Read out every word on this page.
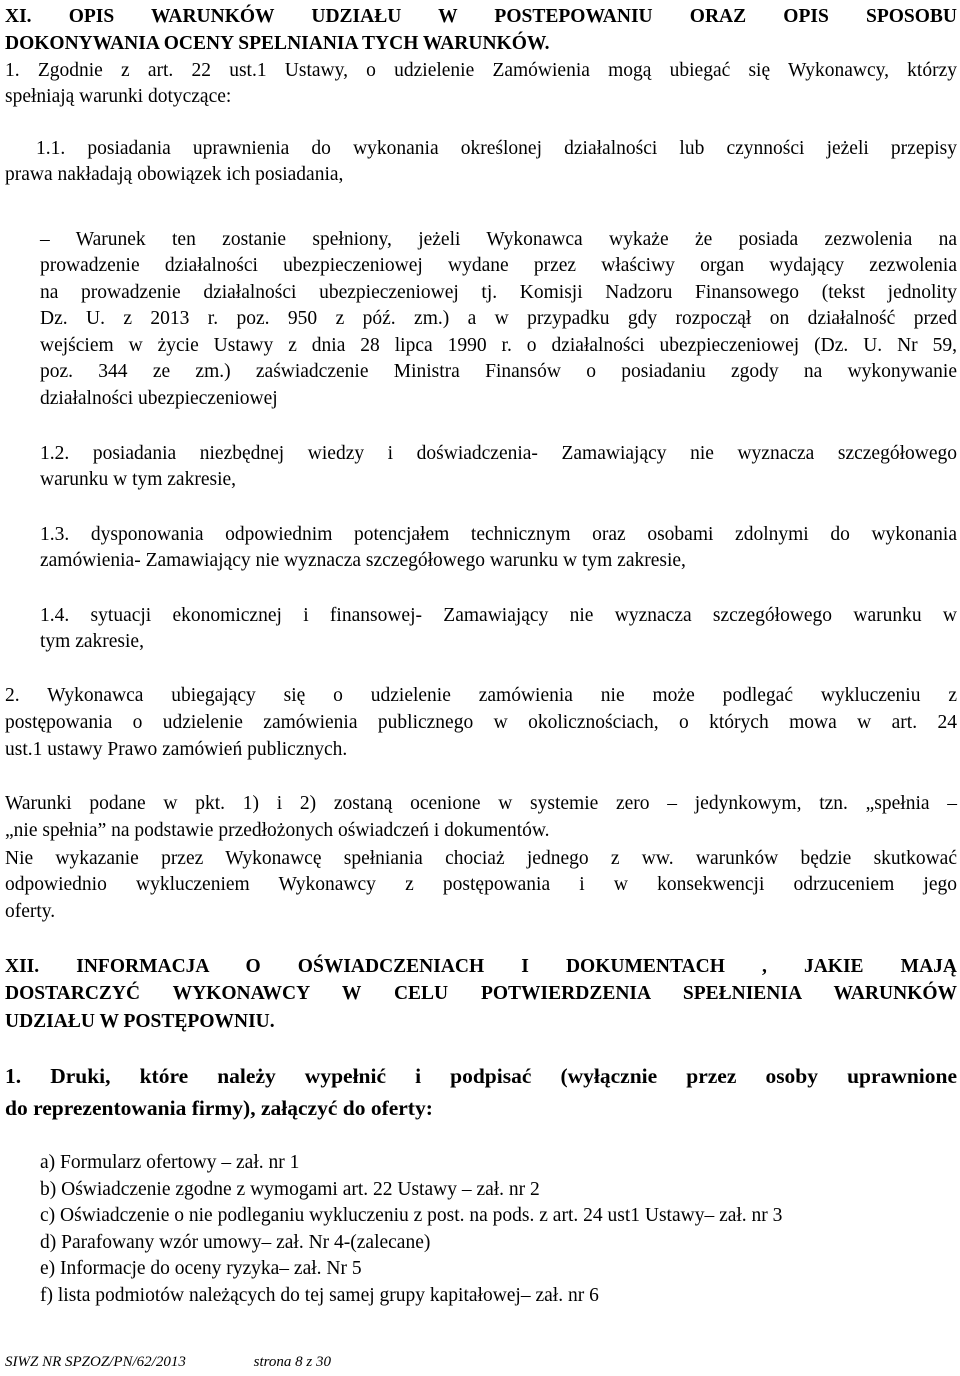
XI. OPIS WARUNKÓW UDZIAŁU W POSTEPOWANIU ORAZ OPIS SPOSOBU
DOKONYWANIA OCENY SPELNIANIA TYCH WARUNKÓW.
1. Zgodnie z art. 22 ust.1 Ustawy, o udzielenie Zamówienia mogą ubiegać się Wykonawcy, którzy
spełniają warunki dotyczące:
1.1. posiadania uprawnienia do wykonania określonej działalności lub czynności jeżeli przepisy
prawa nakładają obowiązek ich posiadania,
– Warunek ten zostanie spełniony, jeżeli Wykonawca wykaże że posiada zezwolenia na
prowadzenie działalności ubezpieczeniowej wydane przez właściwy organ wydający zezwolenia
na prowadzenie działalności ubezpieczeniowej tj. Komisji Nadzoru Finansowego (tekst jednolity
Dz. U. z 2013 r. poz. 950 z póź. zm.) a w przypadku gdy rozpoczął on działalność przed
wejściem w życie Ustawy z dnia 28 lipca 1990 r. o działalności ubezpieczeniowej (Dz. U. Nr 59,
poz. 344 ze zm.) zaświadczenie Ministra Finansów o posiadaniu zgody na wykonywanie
działalności ubezpieczeniowej
1.2. posiadania niezbędnej wiedzy i doświadczenia- Zamawiający nie wyznacza szczegółowego
warunku w tym zakresie,
1.3. dysponowania odpowiednim potencjałem technicznym oraz osobami zdolnymi do wykonania
zamówienia- Zamawiający nie wyznacza szczegółowego warunku w tym zakresie,
1.4. sytuacji ekonomicznej i finansowej- Zamawiający nie wyznacza szczegółowego warunku w
tym zakresie,
2. Wykonawca ubiegający się o udzielenie zamówienia nie może podlegać wykluczeniu z
postępowania o udzielenie zamówienia publicznego w okolicznościach, o których mowa w art. 24
ust.1 ustawy Prawo zamówień publicznych.
Warunki podane w pkt. 1) i 2) zostaną ocenione w systemie zero – jedynkowym, tzn. „spełnia –
„nie spełnia” na podstawie przedłożonych oświadczeń i dokumentów.
Nie wykazanie przez Wykonawcę spełniania chociaż jednego z ww. warunków będzie skutkować
odpowiednio wykluczeniem Wykonawcy z postępowania i w konsekwencji odrzuceniem jego
oferty.
XII. INFORMACJA O OŚWIADCZENIACH I DOKUMENTACH , JAKIE MAJĄ
DOSTARCZYĆ WYKONAWCY W CELU POTWIERDZENIA SPEŁNIENIA WARUNKÓW
UDZIAŁU W POSTĘPOWNIU.
1. Druki, które należy wypełnić i podpisać (wyłącznie przez osoby uprawnione
do reprezentowania firmy), załączyć do oferty:
a) Formularz ofertowy – zał. nr 1
b) Oświadczenie zgodne z wymogami art. 22 Ustawy – zał. nr 2
c) Oświadczenie o nie podleganiu wykluczeniu z post. na pods. z art. 24 ust1 Ustawy– zał. nr 3
d) Parafowany wzór umowy– zał. Nr 4-(zalecane)
e) Informacje do oceny ryzyka– zał. Nr 5
f) lista podmiotów należących do tej samej grupy kapitałowej– zał. nr 6
SIWZ NR SPZOZ/PN/62/2013	strona 8 z 30
